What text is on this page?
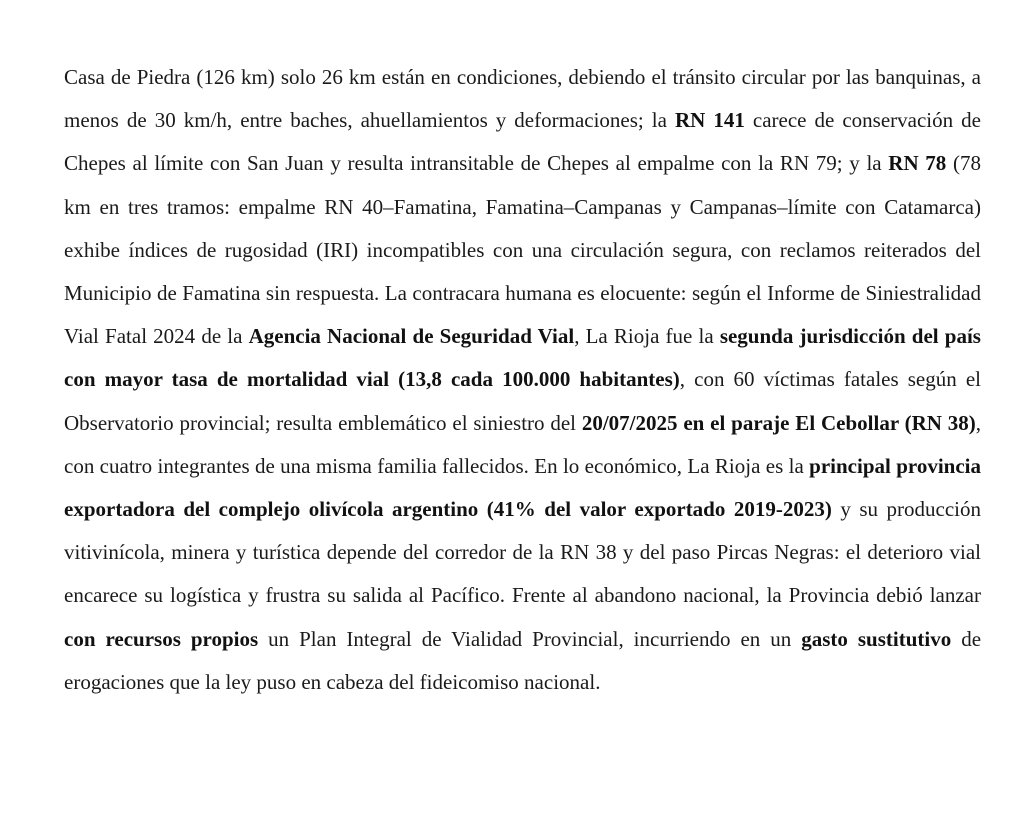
Casa de Piedra (126 km) solo 26 km están en condiciones, debiendo el tránsito circular por las banquinas, a menos de 30 km/h, entre baches, ahuellamientos y deformaciones; la RN 141 carece de conservación de Chepes al límite con San Juan y resulta intransitable de Chepes al empalme con la RN 79; y la RN 78 (78 km en tres tramos: empalme RN 40–Famatina, Famatina–Campanas y Campanas–límite con Catamarca) exhibe índices de rugosidad (IRI) incompatibles con una circulación segura, con reclamos reiterados del Municipio de Famatina sin respuesta. La contracara humana es elocuente: según el Informe de Siniestralidad Vial Fatal 2024 de la Agencia Nacional de Seguridad Vial, La Rioja fue la segunda jurisdicción del país con mayor tasa de mortalidad vial (13,8 cada 100.000 habitantes), con 60 víctimas fatales según el Observatorio provincial; resulta emblemático el siniestro del 20/07/2025 en el paraje El Cebollar (RN 38), con cuatro integrantes de una misma familia fallecidos. En lo económico, La Rioja es la principal provincia exportadora del complejo olivícola argentino (41% del valor exportado 2019-2023) y su producción vitivinícola, minera y turística depende del corredor de la RN 38 y del paso Pircas Negras: el deterioro vial encarece su logística y frustra su salida al Pacífico. Frente al abandono nacional, la Provincia debió lanzar con recursos propios un Plan Integral de Vialidad Provincial, incurriendo en un gasto sustitutivo de erogaciones que la ley puso en cabeza del fideicomiso nacional.
